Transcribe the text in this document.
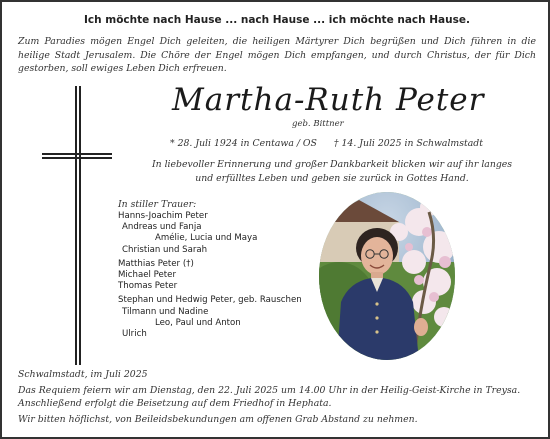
Ich möchte nach Hause ... nach Hause ... ich möchte nach Hause.
Zum Paradies mögen Engel Dich geleiten, die heiligen Märtyrer Dich begrüßen und Dich führen in die heilige Stadt Jerusalem. Die Chöre der Engel mögen Dich empfangen, und durch Christus, der für Dich gestorben, soll ewiges Leben Dich erfreuen.
Martha-Ruth Peter
geb. Bittner
* 28. Juli 1924 in Centawa / OS † 14. Juli 2025 in Schwalmstadt
In liebevoller Erinnerung und großer Dankbarkeit blicken wir auf ihr langes
und erfülltes Leben und geben sie zurück in Gottes Hand.
In stiller Trauer:
Hanns-Joachim Peter
Andreas und Fanja
Amélie, Lucia und Maya
Christian und Sarah
Matthias Peter (†)
Michael Peter
Thomas Peter
Stephan und Hedwig Peter, geb. Rauschen
Tilmann und Nadine
Leo, Paul und Anton
Ulrich
Schwalmstadt, im Juli 2025
Das Requiem feiern wir am Dienstag, den 22. Juli 2025 um 14.00 Uhr in der Heilig-Geist-Kirche in Treysa.
Anschließend erfolgt die Beisetzung auf dem Friedhof in Hephata.
Wir bitten höflichst, von Beileidsbekundungen am offenen Grab Abstand zu nehmen.
